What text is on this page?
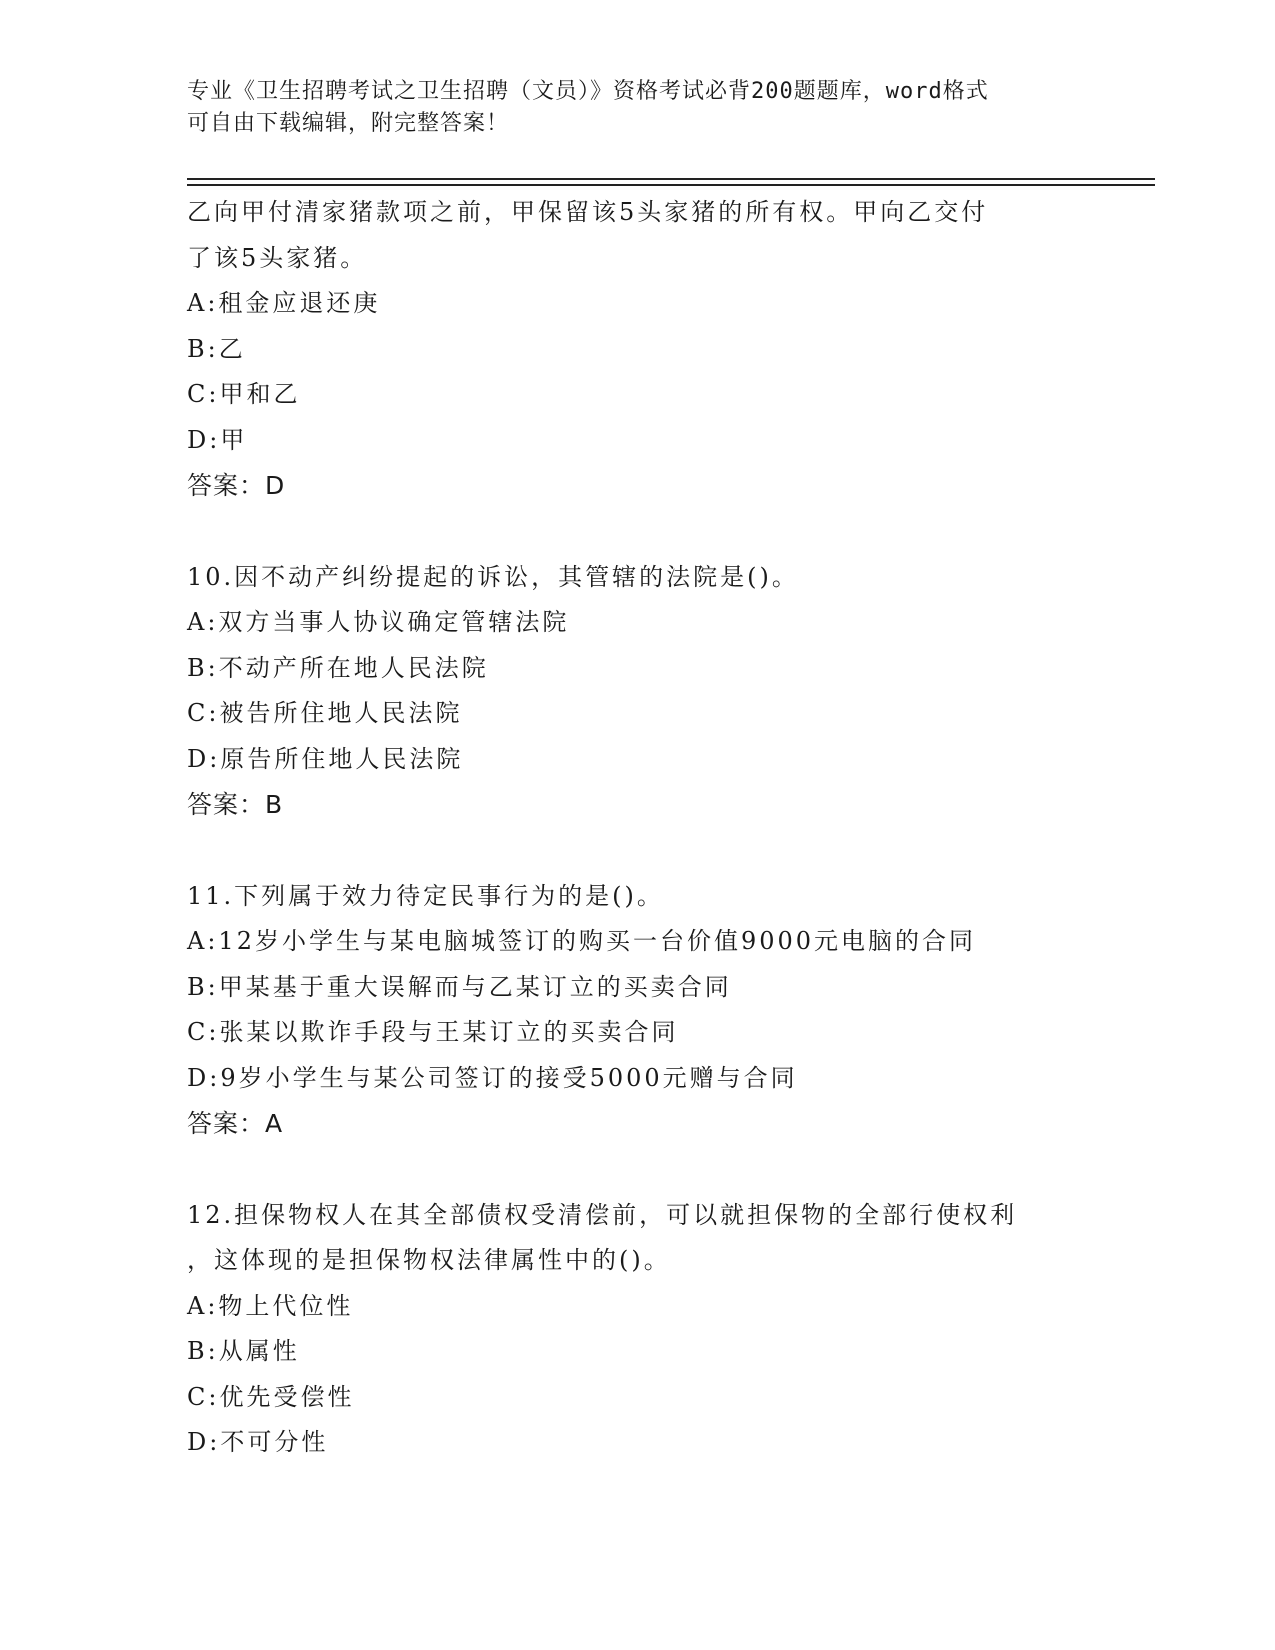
专业《卫生招聘考试之卫生招聘（文员）》资格考试必背200题题库，word格式
可自由下载编辑，附完整答案！
乙向甲付清家猪款项之前，甲保留该5头家猪的所有权。甲向乙交付
了该5头家猪。
A:租金应退还庚
B:乙
C:甲和乙
D:甲
答案：D
10.因不动产纠纷提起的诉讼，其管辖的法院是()。
A:双方当事人协议确定管辖法院
B:不动产所在地人民法院
C:被告所住地人民法院
D:原告所住地人民法院
答案：B
11.下列属于效力待定民事行为的是()。
A:12岁小学生与某电脑城签订的购买一台价值9000元电脑的合同
B:甲某基于重大误解而与乙某订立的买卖合同
C:张某以欺诈手段与王某订立的买卖合同
D:9岁小学生与某公司签订的接受5000元赠与合同
答案：A
12.担保物权人在其全部债权受清偿前，可以就担保物的全部行使权利
，这体现的是担保物权法律属性中的()。
A:物上代位性
B:从属性
C:优先受偿性
D:不可分性
